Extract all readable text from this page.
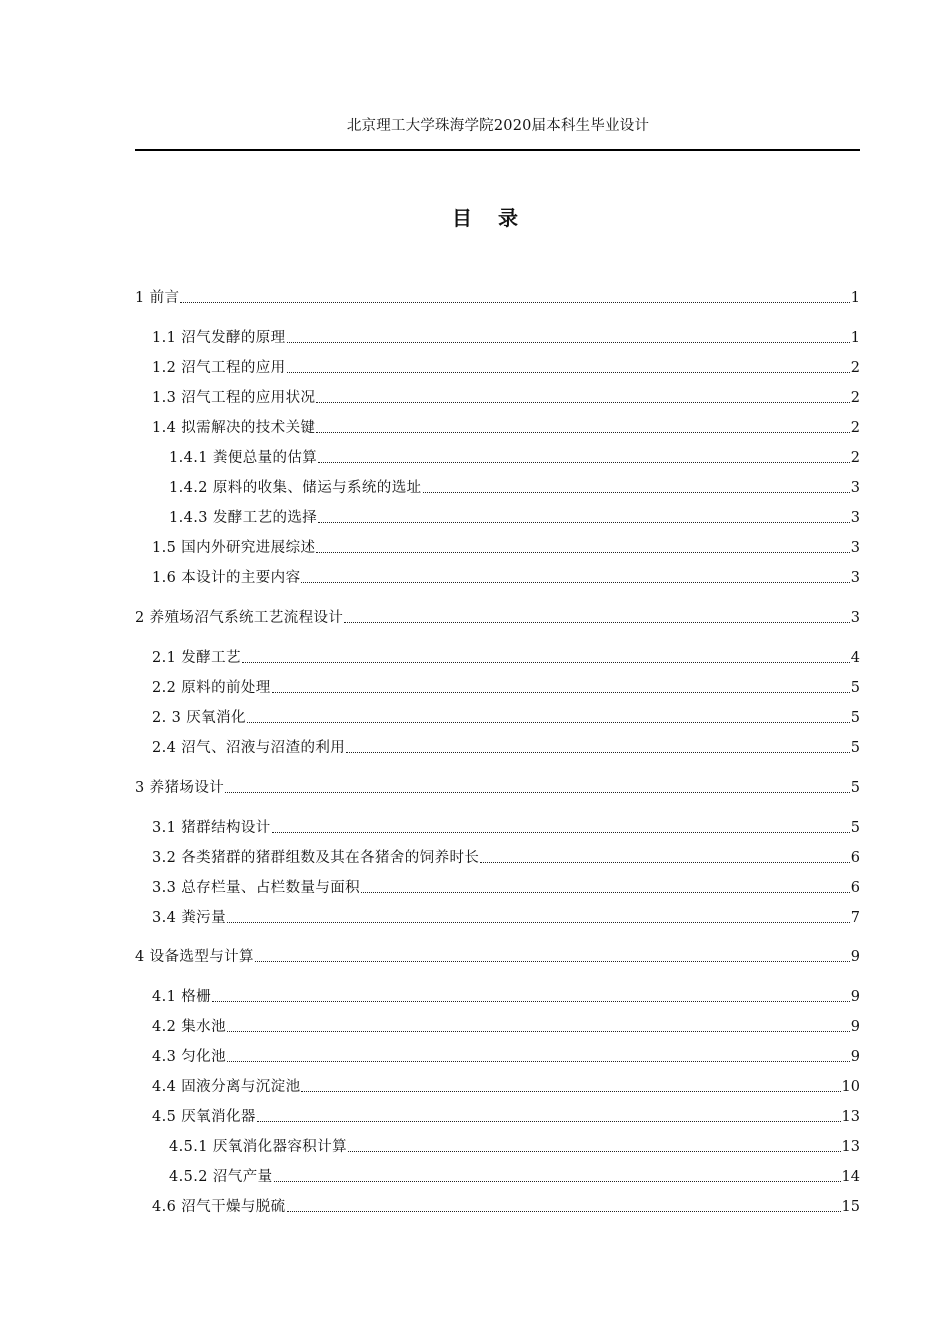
北京理工大学珠海学院2020届本科生毕业设计
目录
1 前言	1
1.1 沼气发酵的原理	1
1.2 沼气工程的应用	2
1.3 沼气工程的应用状况	2
1.4 拟需解决的技术关键	2
1.4.1 粪便总量的估算	2
1.4.2 原料的收集、储运与系统的选址	3
1.4.3 发酵工艺的选择	3
1.5 国内外研究进展综述	3
1.6 本设计的主要内容	3
2 养殖场沼气系统工艺流程设计	3
2.1 发酵工艺	4
2.2 原料的前处理	5
2. 3 厌氧消化	5
2.4 沼气、沼液与沼渣的利用	5
3 养猪场设计	5
3.1 猪群结构设计	5
3.2 各类猪群的猪群组数及其在各猪舍的饲养时长	6
3.3 总存栏量、占栏数量与面积	6
3.4 粪污量	7
4 设备选型与计算	9
4.1 格栅	9
4.2 集水池	9
4.3 匀化池	9
4.4 固液分离与沉淀池	10
4.5 厌氧消化器	13
4.5.1 厌氧消化器容积计算	13
4.5.2 沼气产量	14
4.6 沼气干燥与脱硫	15
